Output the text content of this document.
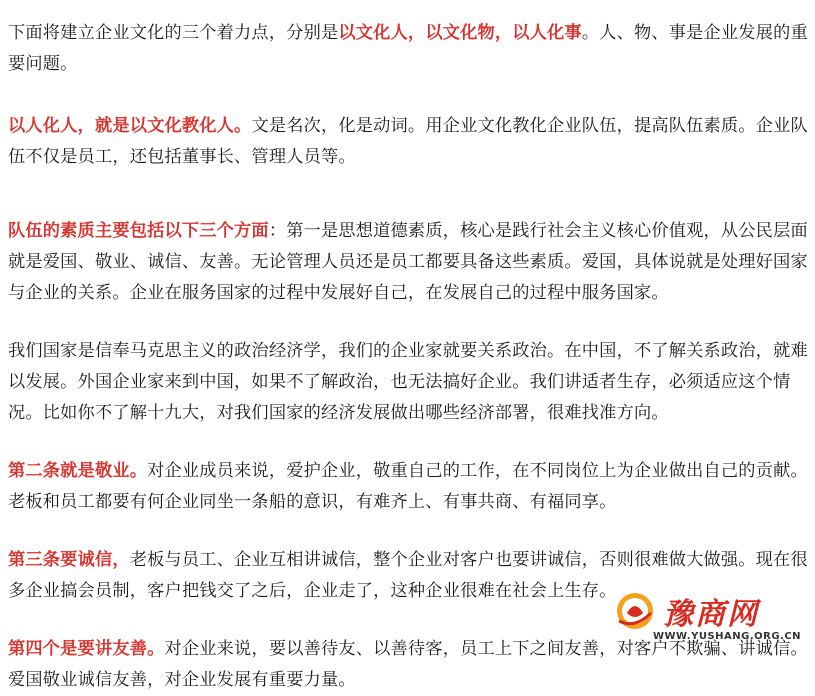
下面将建立企业文化的三个着力点，分别是以文化人，以文化物，以人化事。人、物、事是企业发展的重要问题。

以人化人，就是以文化教化人。文是名次，化是动词。用企业文化教化企业队伍，提高队伍素质。企业队伍不仅是员工，还包括董事长、管理人员等。

队伍的素质主要包括以下三个方面：第一是思想道德素质，核心是践行社会主义核心价值观，从公民层面就是爱国、敬业、诚信、友善。无论管理人员还是员工都要具备这些素质。爱国，具体说就是处理好国家与企业的关系。企业在服务国家的过程中发展好自己，在发展自己的过程中服务国家。

我们国家是信奉马克思主义的政治经济学，我们的企业家就要关系政治。在中国，不了解关系政治，就难以发展。外国企业家来到中国，如果不了解政治，也无法搞好企业。我们讲适者生存，必须适应这个情况。比如你不了解十九大，对我们国家的经济发展做出哪些经济部署，很难找准方向。

第二条就是敬业。对企业成员来说，爱护企业，敬重自己的工作，在不同岗位上为企业做出自己的贡献。老板和员工都要有何企业同坐一条船的意识，有难齐上、有事共商、有福同享。

第三条要诚信，老板与员工、企业互相讲诚信，整个企业对客户也要讲诚信，否则很难做大做强。现在很多企业搞会员制，客户把钱交了之后，企业走了，这种企业很难在社会上生存。

第四个是要讲友善。对企业来说，要以善待友、以善待客，员工上下之间友善，对客户不欺骗、讲诚信。爱国敬业诚信友善，对企业发展有重要力量。

豫商网
WWW.YUSHANG.ORG.CN
